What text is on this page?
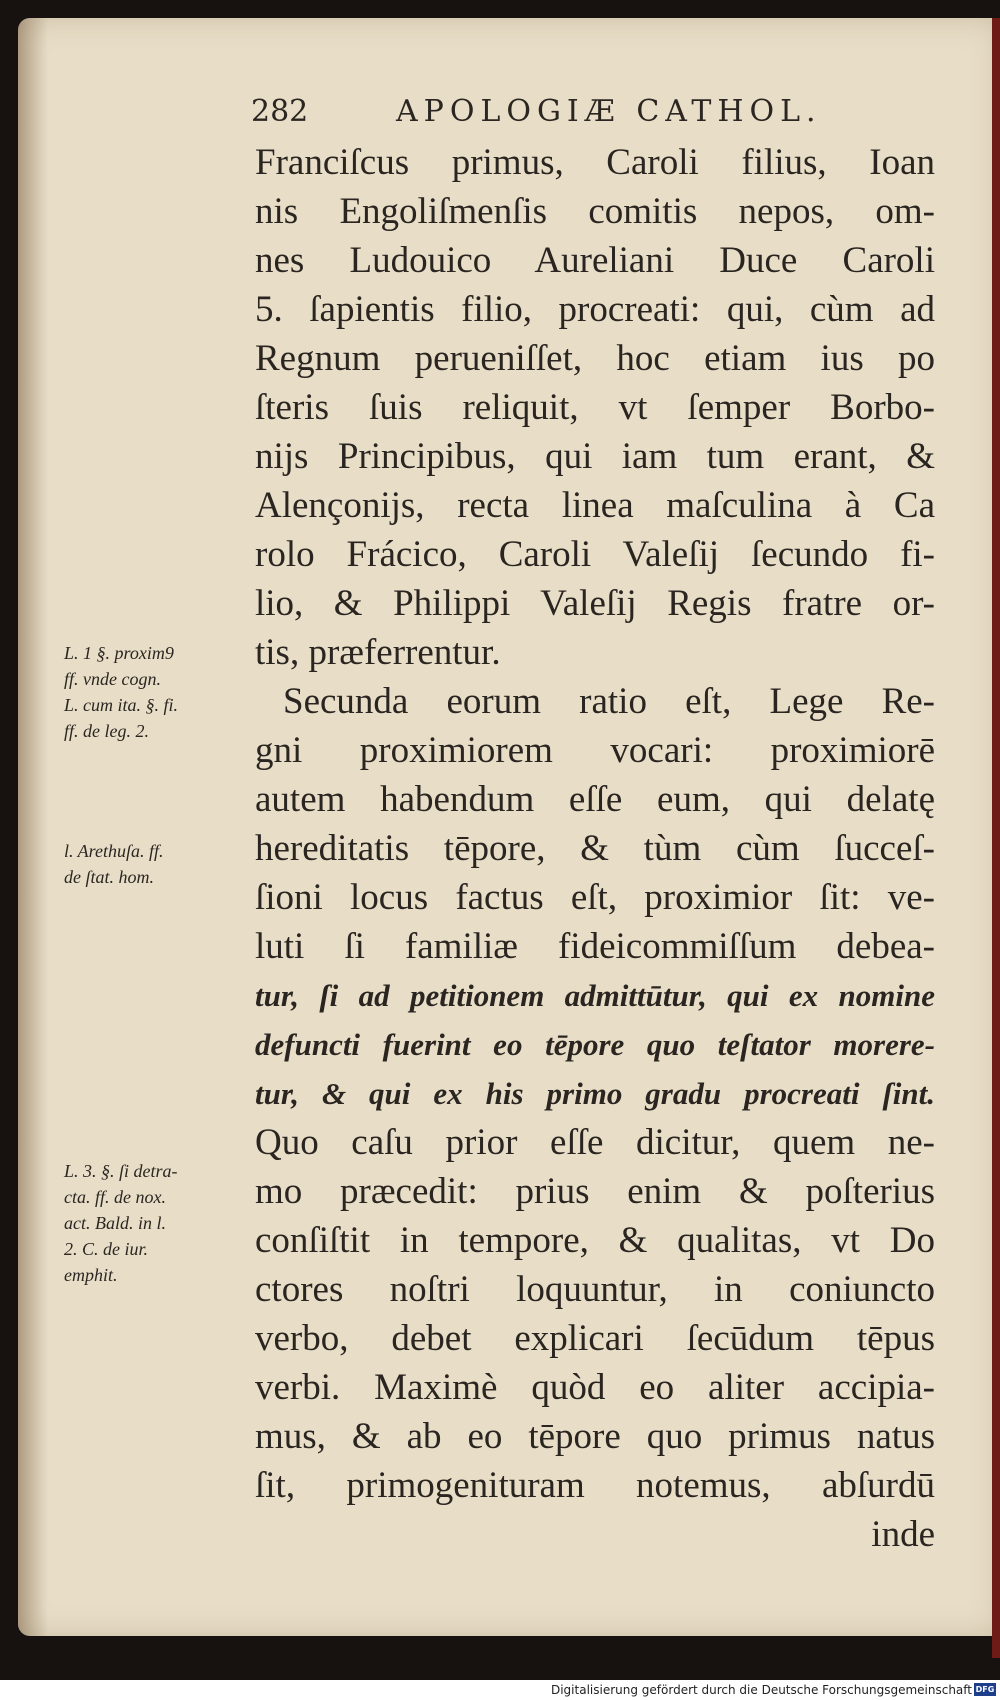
282	APOLOGIÆ CATHOL.
Franciſcus primus, Caroli filius, Ioan
nis Engoliſmenſis comitis nepos, om-
nes Ludouico Aureliani Duce Caroli
5. ſapientis filio, procreati: qui, cùm ad
Regnum perueniſſet, hoc etiam ius po
ſteris ſuis reliquit, vt ſemper Borbo-
nijs Principibus, qui iam tum erant, &
Alençonijs, recta linea maſculina à Ca
rolo Frácico, Caroli Valeſij ſecundo fi-
lio, & Philippi Valeſij Regis fratre or-
tis, præferrentur.
Secunda eorum ratio eſt, Lege Re-
gni proximiorem vocari: proximiorē
autem habendum eſſe eum, qui delatę
hereditatis tēpore, & tùm cùm ſucceſ-
ſioni locus factus eſt, proximior ſit: ve-
luti ſi familiæ fideicommiſſum debea-
tur, ſi ad petitionem admittūtur, qui ex nomine
defuncti fuerint eo tēpore quo teſtator morere-
tur, & qui ex his primo gradu procreati ſint.
Quo caſu prior eſſe dicitur, quem ne-
mo præcedit: prius enim & poſterius
conſiſtit in tempore, & qualitas, vt Do
ctores noſtri loquuntur, in coniuncto
verbo, debet explicari ſecūdum tēpus
verbi. Maximè quòd eo aliter accipia-
mus, & ab eo tēpore quo primus natus
ſit, primogenituram notemus, abſurdū
inde
L. 1 §. proxim9
ff. vnde cogn.
L. cum ita. §. fi.
ff. de leg. 2.
l. Arethuſa. ff.
de ſtat. hom.
L. 3. §. ſi detra-
cta. ff. de nox.
act. Bald. in l.
2. C. de iur.
emphit.
Digitalisierung gefördert durch die Deutsche Forschungsgemeinschaft DFG
